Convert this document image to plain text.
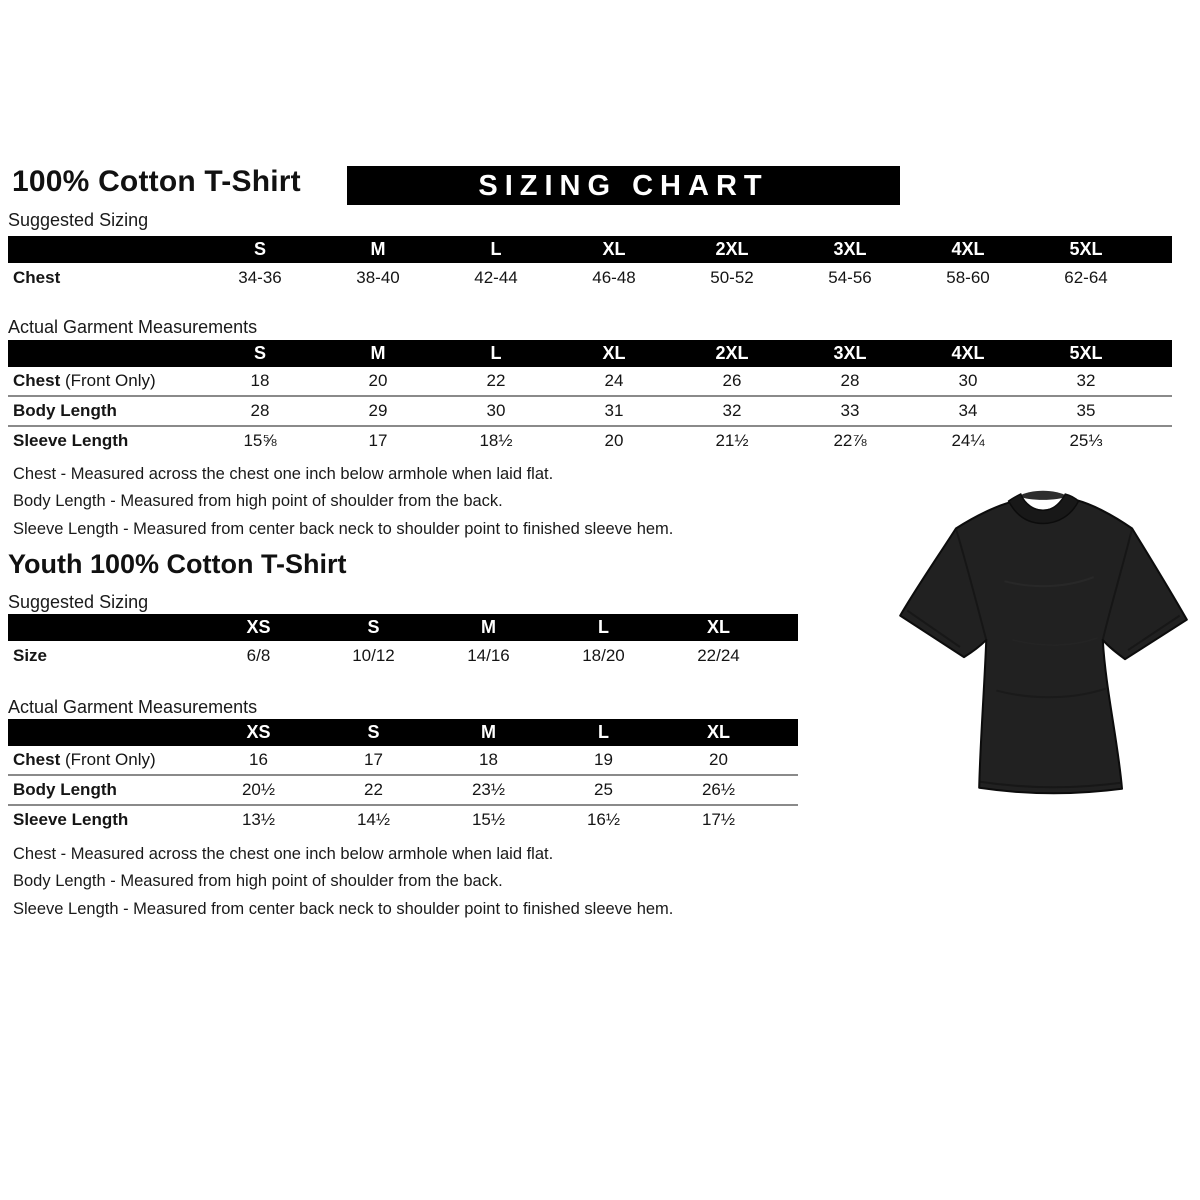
100% Cotton T-Shirt	SIZING CHART
Suggested Sizing
	S	M	L	XL	2XL	3XL	4XL	5XL	
Chest	34-36	38-40	42-44	46-48	50-52	54-56	58-60	62-64	
Actual Garment Measurements
	S	M	L	XL	2XL	3XL	4XL	5XL	
Chest (Front Only)	18	20	22	24	26	28	30	32	
Body Length	28	29	30	31	32	33	34	35	
Sleeve Length	15⅝	17	18½	20	21½	22⅞	24¼	25⅓	

Chest - Measured across the chest one inch below armhole when laid flat.

Body Length - Measured from high point of shoulder from the back.

Sleeve Length - Measured from center back neck to shoulder point to finished sleeve hem.

Youth 100% Cotton T-Shirt
Suggested Sizing
	XS	S	M	L	XL	
Size	6/8	10/12	14/16	18/20	22/24	
Actual Garment Measurements
	XS	S	M	L	XL	
Chest (Front Only)	16	17	18	19	20	
Body Length	20½	22	23½	25	26½	
Sleeve Length	13½	14½	15½	16½	17½	

Chest - Measured across the chest one inch below armhole when laid flat.

Body Length - Measured from high point of shoulder from the back.

Sleeve Length - Measured from center back neck to shoulder point to finished sleeve hem.
